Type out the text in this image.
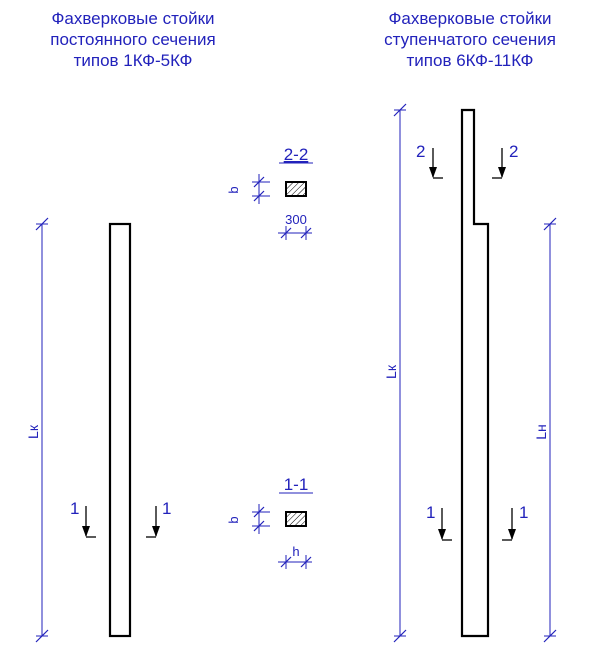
Фахверковые стойки
постоянного сечения
типов 1КФ-5КФ
Фахверковые стойки
ступенчатого сечения
типов 6КФ-11КФ
Lк
1	1
2-2
b
300
1-1
b
h
Lк
Lн
2	2
1	1
